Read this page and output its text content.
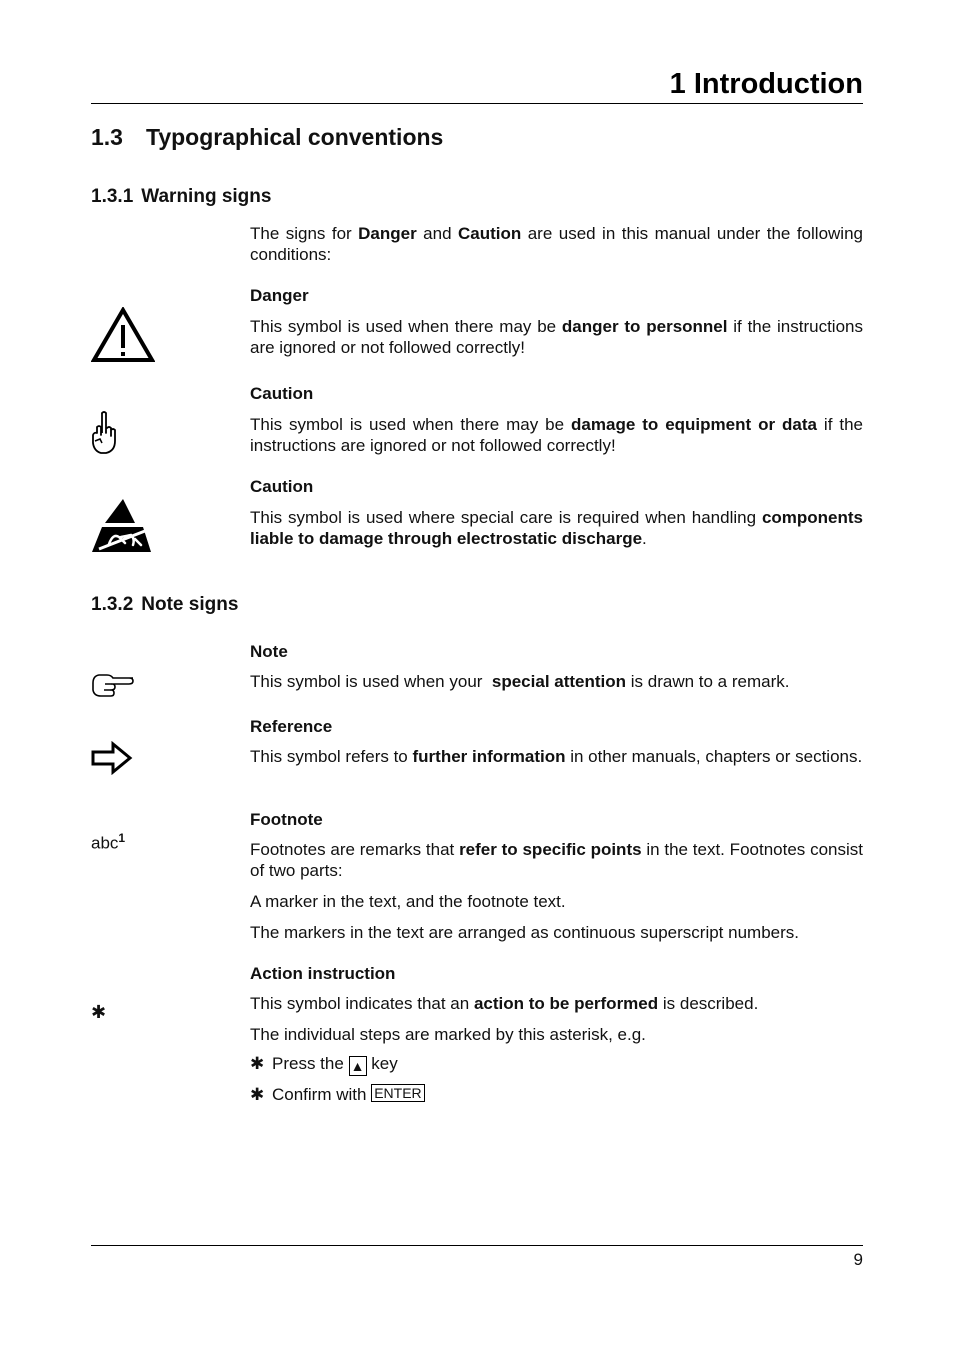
1 Introduction
1.3 Typographical conventions
1.3.1 Warning signs

The signs for Danger and Caution are used in this manual under the following conditions:

Danger

This symbol is used when there may be danger to personnel if the instructions are ignored or not followed correctly!

Caution

This symbol is used when there may be damage to equipment or data if the instructions are ignored or not followed correctly!

Caution

This symbol is used where special care is required when handling components liable to damage through electrostatic discharge.

1.3.2 Note signs
Note

This symbol is used when your  special attention is drawn to a remark.

Reference

This symbol refers to further information in other manuals, chapters or sections.

Footnote
abc$^1$

Footnotes are remarks that refer to specific points in the text. Footnotes consist of two parts:

A marker in the text, and the footnote text.

The markers in the text are arranged as continuous superscript numbers.

Action instruction
✱	This symbol indicates that an action to be performed is described.

The individual steps are marked by this asterisk, e.g.

✱ Press the ▲ key
✱ Confirm with ENTER
9
